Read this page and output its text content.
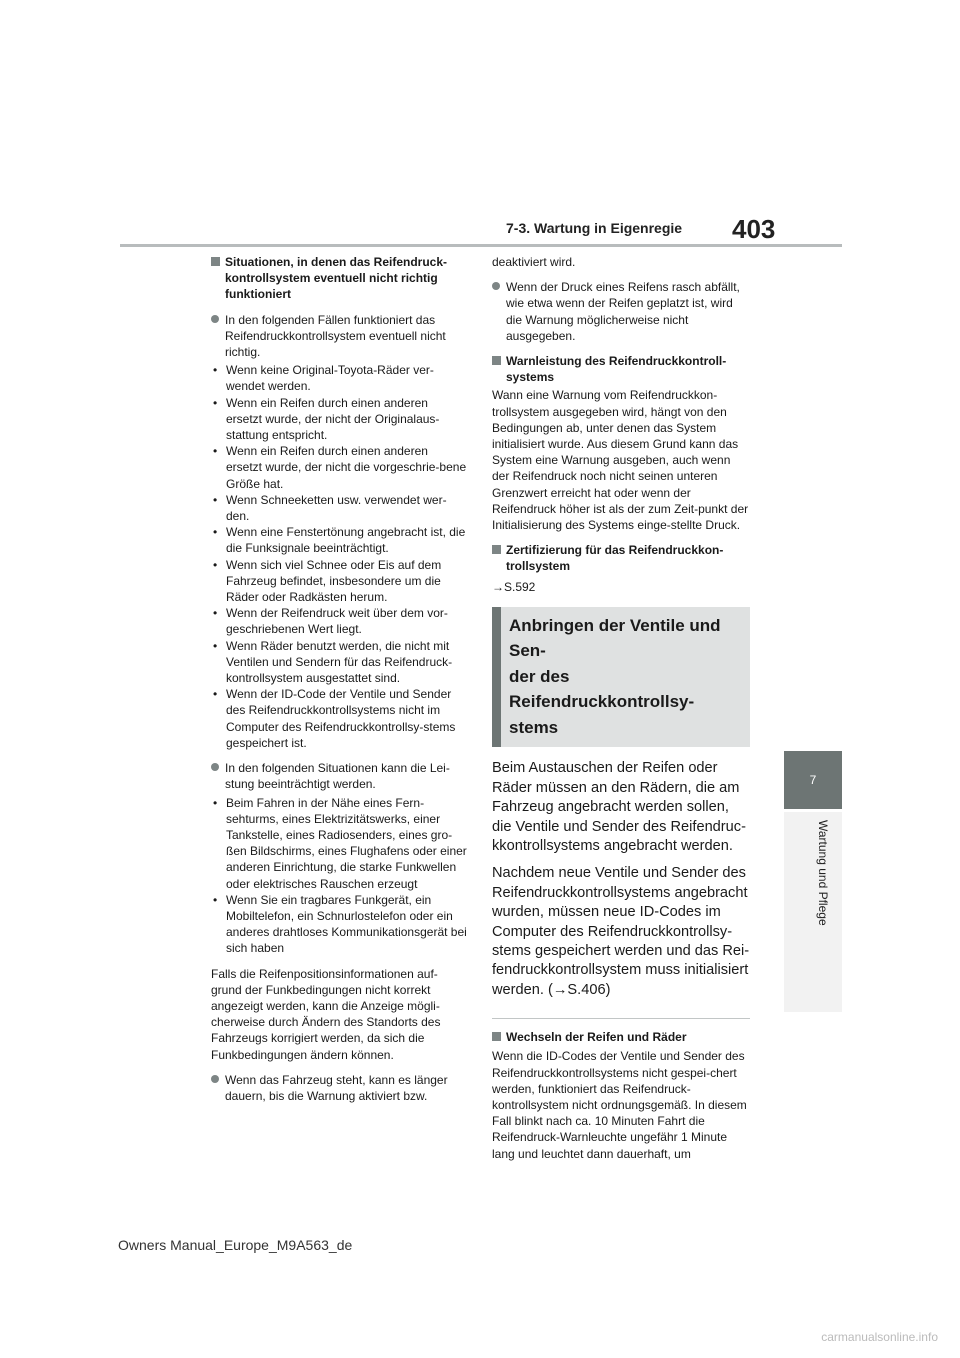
7-3. Wartung in Eigenregie 403
7
Wartung und Pflege
Situationen, in denen das Reifendruck-kontrollsystem eventuell nicht richtig funktioniert
In den folgenden Fällen funktioniert das Reifendruckkontrollsystem eventuell nicht richtig.
• Wenn keine Original-Toyota-Räder ver-wendet werden.
• Wenn ein Reifen durch einen anderen ersetzt wurde, der nicht der Originalaus-stattung entspricht.
• Wenn ein Reifen durch einen anderen ersetzt wurde, der nicht die vorgeschrie-bene Größe hat.
• Wenn Schneeketten usw. verwendet wer-den.
• Wenn eine Fenstertönung angebracht ist, die die Funksignale beeinträchtigt.
• Wenn sich viel Schnee oder Eis auf dem Fahrzeug befindet, insbesondere um die Räder oder Radkästen herum.
• Wenn der Reifendruck weit über dem vor-geschriebenen Wert liegt.
• Wenn Räder benutzt werden, die nicht mit Ventilen und Sendern für das Reifendruck-kontrollsystem ausgestattet sind.
• Wenn der ID-Code der Ventile und Sender des Reifendruckkontrollsystems nicht im Computer des Reifendruckkontrollsy-stems gespeichert ist.
In den folgenden Situationen kann die Lei-stung beeinträchtigt werden.
• Beim Fahren in der Nähe eines Fern-sehturms, eines Elektrizitätswerks, einer Tankstelle, eines Radiosenders, eines gro-ßen Bildschirms, eines Flughafens oder einer anderen Einrichtung, die starke Funkwellen oder elektrisches Rauschen erzeugt
• Wenn Sie ein tragbares Funkgerät, ein Mobiltelefon, ein Schnurlostelefon oder ein anderes drahtloses Kommunikationsgerät bei sich haben

Falls die Reifenpositionsinformationen auf-grund der Funkbedingungen nicht korrekt angezeigt werden, kann die Anzeige mögli-cherweise durch Ändern des Standorts des Fahrzeugs korrigiert werden, da sich die Funkbedingungen ändern können.

Wenn das Fahrzeug steht, kann es länger dauern, bis die Warnung aktiviert bzw.

deaktiviert wird.

Wenn der Druck eines Reifens rasch abfällt, wie etwa wenn der Reifen geplatzt ist, wird die Warnung möglicherweise nicht ausgegeben.
Warnleistung des Reifendruckkontroll-systems

Wann eine Warnung vom Reifendruckkon-trollsystem ausgegeben wird, hängt von den Bedingungen ab, unter denen das System initialisiert wurde. Aus diesem Grund kann das System eine Warnung ausgeben, auch wenn der Reifendruck noch nicht seinen unteren Grenzwert erreicht hat oder wenn der Reifendruck höher ist als der zum Zeit-punkt der Initialisierung des Systems einge-stellte Druck.

Zertifizierung für das Reifendruckkon-trollsystem

→S.592

Anbringen der Ventile und Sen-
der des Reifendruckkontrollsy-
stems

Beim Austauschen der Reifen oder Räder müssen an den Rädern, die am Fahrzeug angebracht werden sollen, die Ventile und Sender des Reifendruc-kkontrollsystems angebracht werden.

Nachdem neue Ventile und Sender des Reifendruckkontrollsystems angebracht wurden, müssen neue ID-Codes im Computer des Reifendruckkontrollsy-stems gespeichert werden und das Rei-fendruckkontrollsystem muss initialisiert werden. (→S.406)

Wechseln der Reifen und Räder

Wenn die ID-Codes der Ventile und Sender des Reifendruckkontrollsystems nicht gespei-chert werden, funktioniert das Reifendruck-kontrollsystem nicht ordnungsgemäß. In diesem Fall blinkt nach ca. 10 Minuten Fahrt die Reifendruck-Warnleuchte ungefähr 1 Minute lang und leuchtet dann dauerhaft, um

Owners Manual_Europe_M9A563_de
carmanualsonline.info
